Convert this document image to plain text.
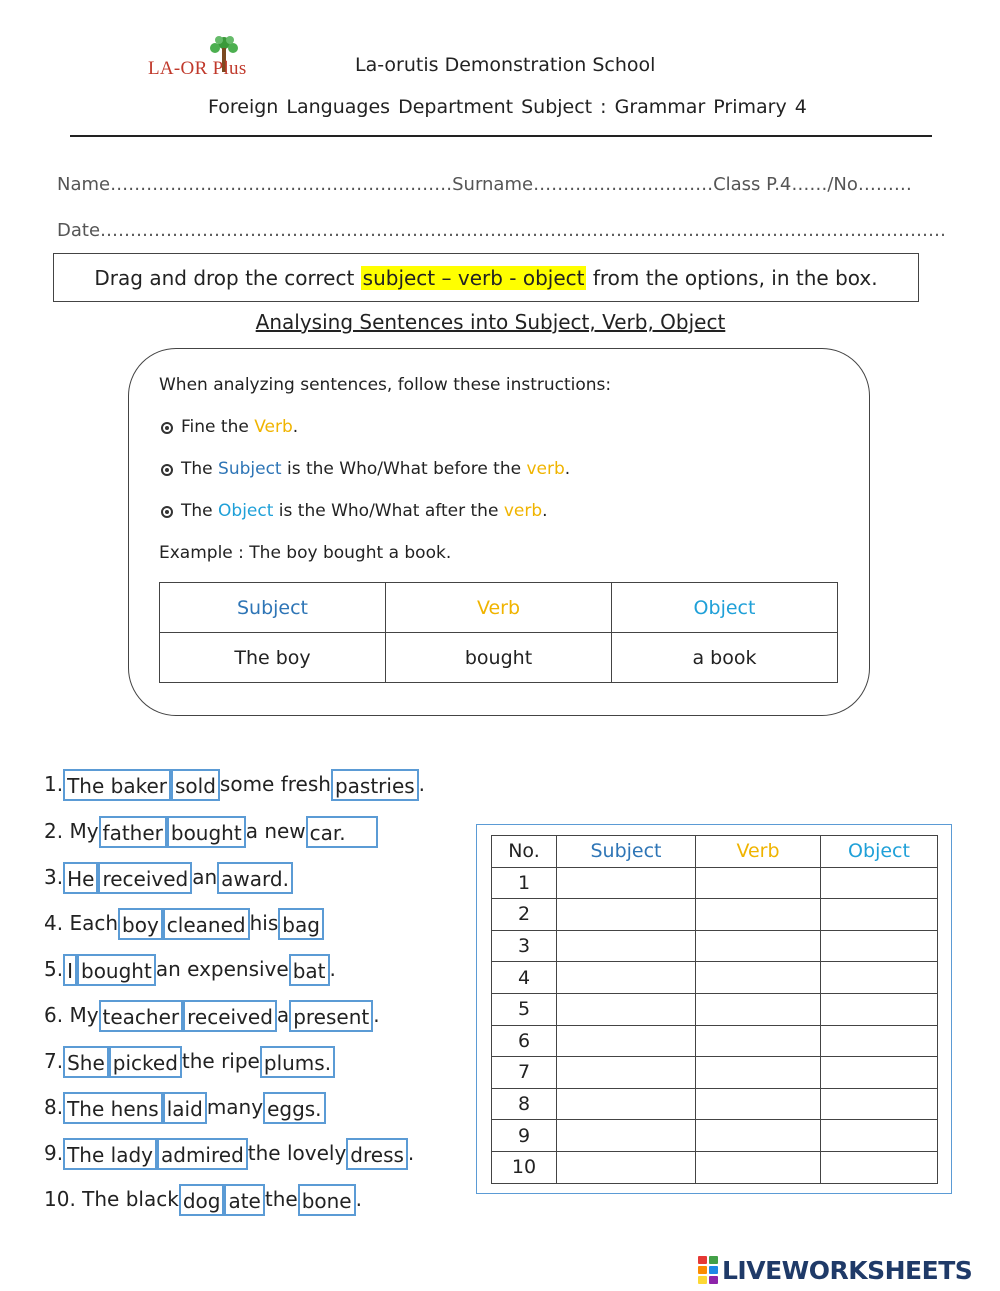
LA-OR Plus	La-orutis Demonstration School
Foreign Languages Department Subject : Grammar Primary 4
Name…………………………………………………Surname…………………………Class P.4……/No………
Date……………………………………………………………………………………………………………………………
Drag and drop the correct subject – verb - object from the options, in the box.
Analysing Sentences into Subject, Verb, Object
When analyzing sentences, follow these instructions:
Fine the Verb.
The Subject is the Who/What before the verb.
The Object is the Who/What after the verb.
Example : The boy bought a book.
Subject	Verb	Object
The boy	bought	a book
1. The baker sold some fresh pastries .
2. My father bought a new car.
3. He received an award.
4. Each boy cleaned his bag
5. I bought an expensive bat .
6. My teacher received a present .
7. She picked the ripe plums.
8. The hens laid many eggs.
9. The lady admired the lovely dress .
10. The black dog ate the bone .
No.	Subject	Verb	Object
1			
2			
3			
4			
5			
6			
7			
8			
9			
10			
LIVEWORKSHEETS
